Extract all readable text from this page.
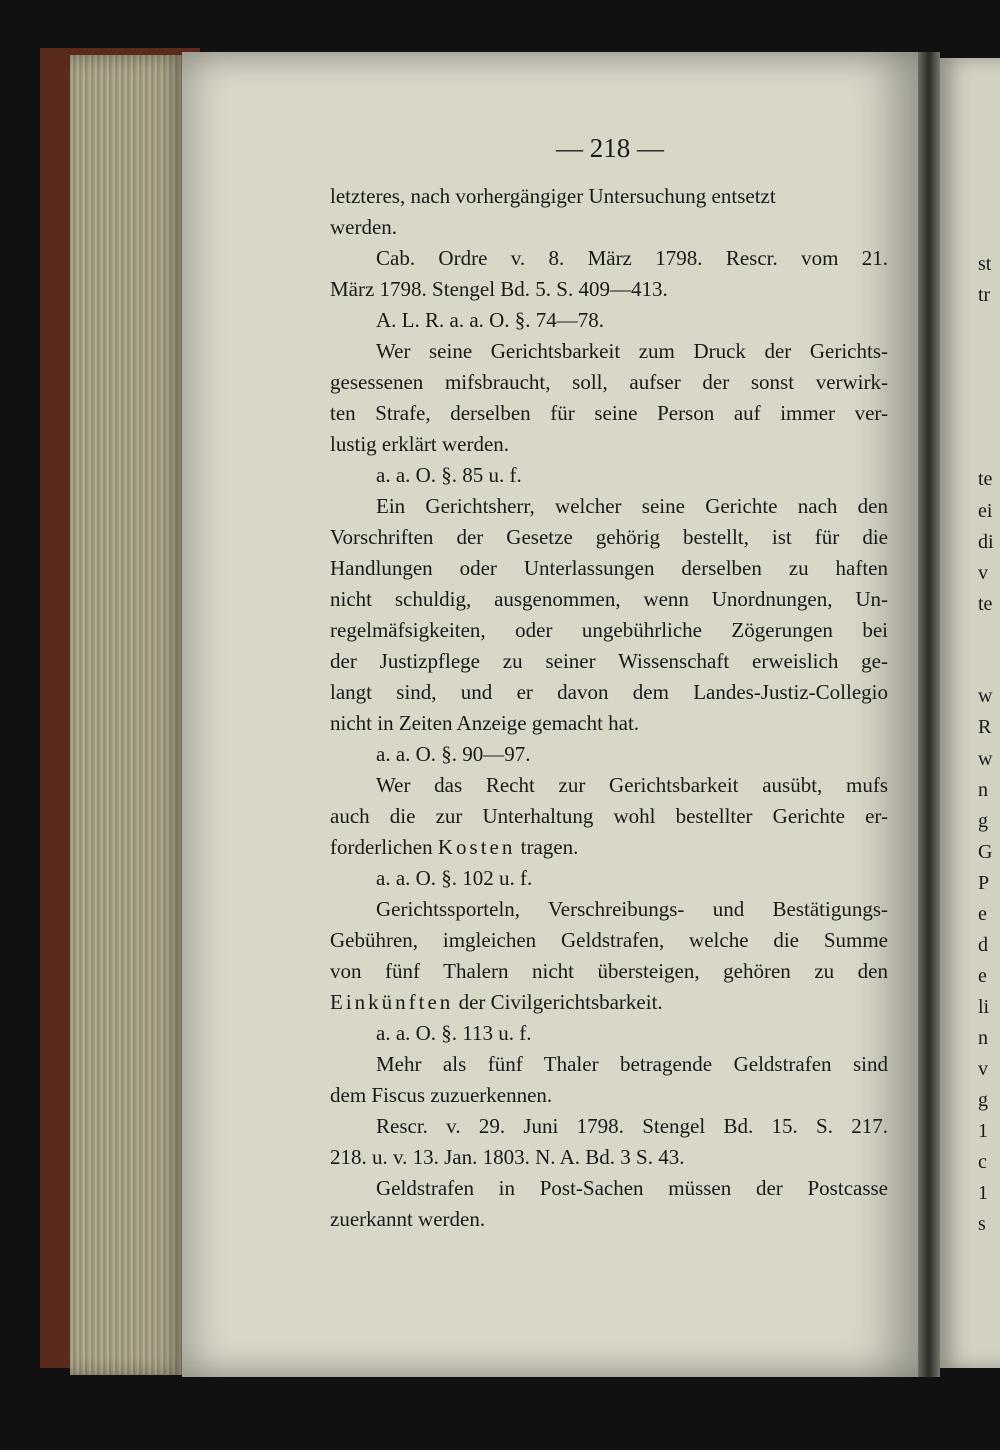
— 218 —
letzteres, nach vorhergängiger Untersuchung entsetzt
werden.
Cab. Ordre v. 8. März 1798. Rescr. vom 21.
März 1798. Stengel Bd. 5. S. 409—413.
A. L. R. a. a. O. §. 74—78.
Wer seine Gerichtsbarkeit zum Druck der Gerichts-
gesessenen mifsbraucht, soll, aufser der sonst verwirk-
ten Strafe, derselben für seine Person auf immer ver-
lustig erklärt werden.
a. a. O. §. 85 u. f.
Ein Gerichtsherr, welcher seine Gerichte nach den
Vorschriften der Gesetze gehörig bestellt, ist für die
Handlungen oder Unterlassungen derselben zu haften
nicht schuldig, ausgenommen, wenn Unordnungen, Un-
regelmäfsigkeiten, oder ungebührliche Zögerungen bei
der Justizpflege zu seiner Wissenschaft erweislich ge-
langt sind, und er davon dem Landes-Justiz-Collegio
nicht in Zeiten Anzeige gemacht hat.
a. a. O. §. 90—97.
Wer das Recht zur Gerichtsbarkeit ausübt, mufs
auch die zur Unterhaltung wohl bestellter Gerichte er-
forderlichen Kosten tragen.
a. a. O. §. 102 u. f.
Gerichtssporteln, Verschreibungs- und Bestätigungs-
Gebühren, imgleichen Geldstrafen, welche die Summe
von fünf Thalern nicht übersteigen, gehören zu den
Einkünften der Civilgerichtsbarkeit.
a. a. O. §. 113 u. f.
Mehr als fünf Thaler betragende Geldstrafen sind
dem Fiscus zuzuerkennen.
Rescr. v. 29. Juni 1798. Stengel Bd. 15. S. 217.
218. u. v. 13. Jan. 1803. N. A. Bd. 3 S. 43.
Geldstrafen in Post-Sachen müssen der Postcasse
zuerkannt werden.
st
tr
te
ei
di
v
te
w
R
w
n
g
G
P
e
d
e
li
n
v
g
1
c
1
s
